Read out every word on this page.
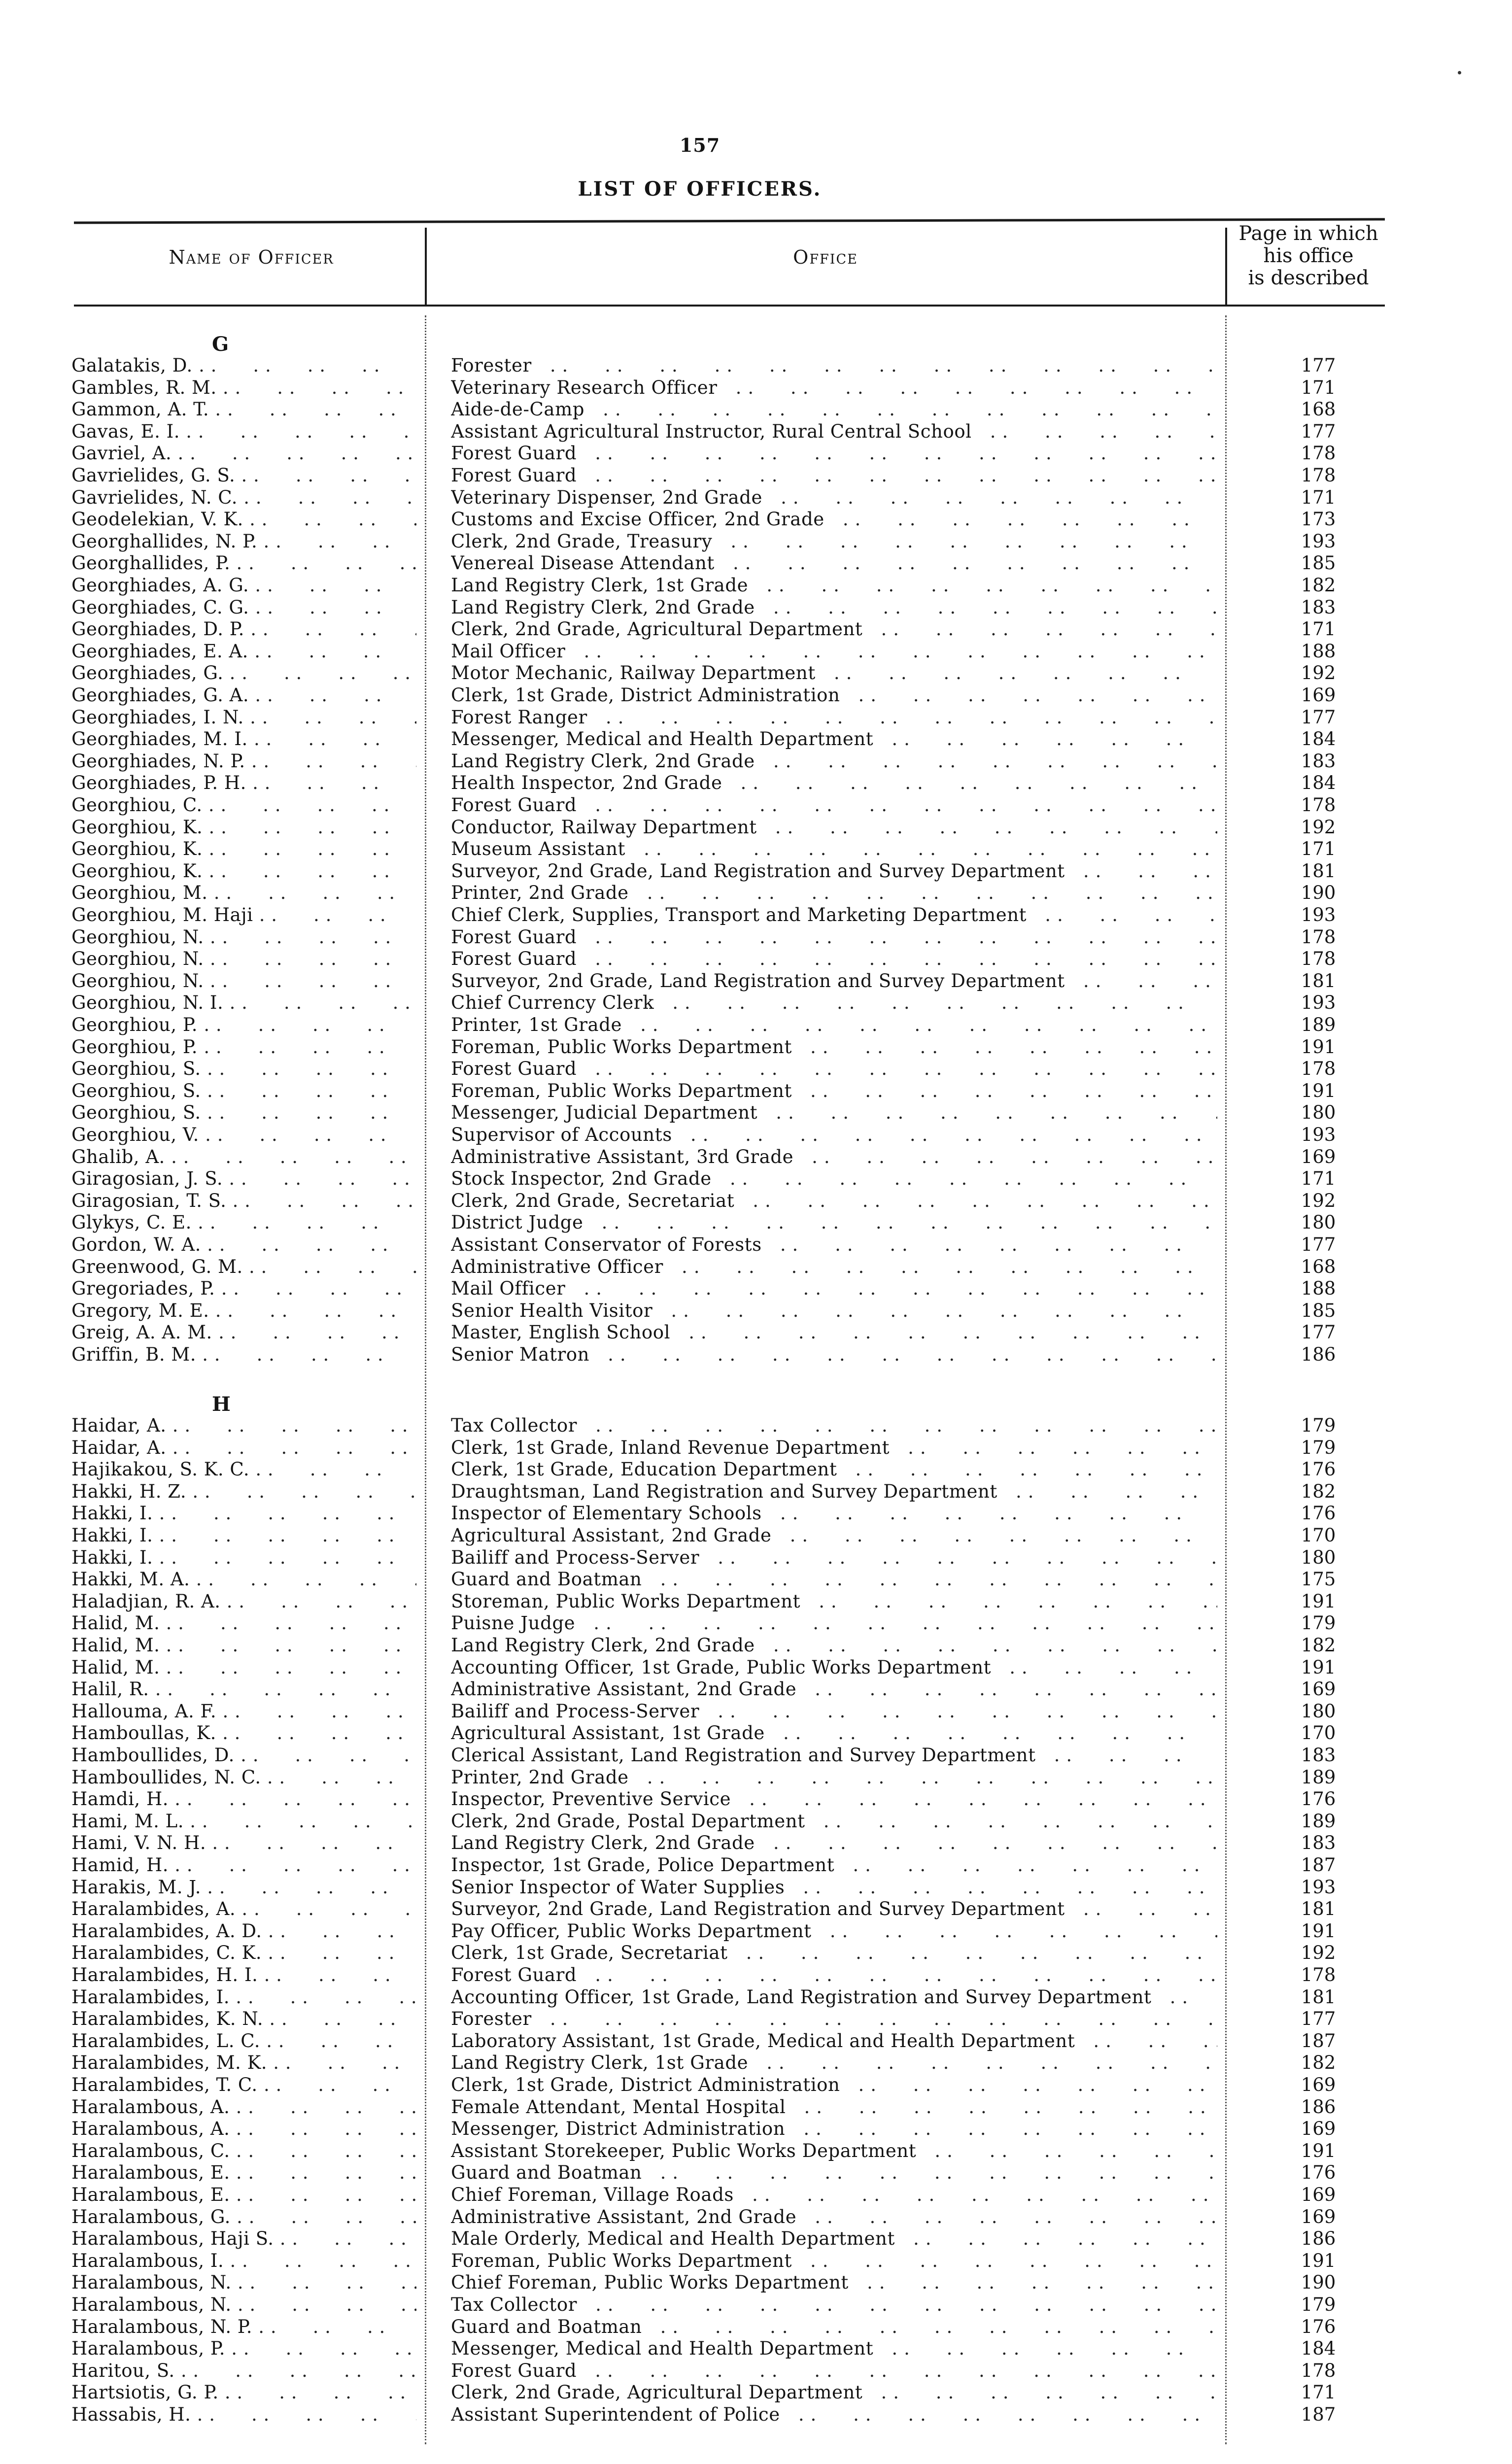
157
LIST OF OFFICERS.
Name of Officer	Office
Page in which
his office
is described
G
H
Galatakis, D. . .	Forester . .	177
Gambles, R. M. . .	Veterinary Research Officer . .	171
Gammon, A. T. . .	Aide-de-Camp . .	168
Gavas, E. I. . .	Assistant Agricultural Instructor, Rural Central School . .	177
Gavriel, A. . .	Forest Guard . .	178
Gavrielides, G. S. . .	Forest Guard . .	178
Gavrielides, N. C. . .	Veterinary Dispenser, 2nd Grade . .	171
Geodelekian, V. K. . .	Customs and Excise Officer, 2nd Grade . .	173
Georghallides, N. P. . .	Clerk, 2nd Grade, Treasury . .	193
Georghallides, P. . .	Venereal Disease Attendant . .	185
Georghiades, A. G. . .	Land Registry Clerk, 1st Grade . .	182
Georghiades, C. G. . .	Land Registry Clerk, 2nd Grade . .	183
Georghiades, D. P. . .	Clerk, 2nd Grade, Agricultural Department . .	171
Georghiades, E. A. . .	Mail Officer . .	188
Georghiades, G. . .	Motor Mechanic, Railway Department . .	192
Georghiades, G. A. . .	Clerk, 1st Grade, District Administration . .	169
Georghiades, I. N. . .	Forest Ranger . .	177
Georghiades, M. I. . .	Messenger, Medical and Health Department . .	184
Georghiades, N. P. . .	Land Registry Clerk, 2nd Grade . .	183
Georghiades, P. H. . .	Health Inspector, 2nd Grade . .	184
Georghiou, C. . .	Forest Guard . .	178
Georghiou, K. . .	Conductor, Railway Department . .	192
Georghiou, K. . .	Museum Assistant . .	171
Georghiou, K. . .	Surveyor, 2nd Grade, Land Registration and Survey Department . .	181
Georghiou, M. . .	Printer, 2nd Grade . .	190
Georghiou, M. Haji . .	Chief Clerk, Supplies, Transport and Marketing Department . .	193
Georghiou, N. . .	Forest Guard . .	178
Georghiou, N. . .	Forest Guard . .	178
Georghiou, N. . .	Surveyor, 2nd Grade, Land Registration and Survey Department . .	181
Georghiou, N. I. . .	Chief Currency Clerk . .	193
Georghiou, P. . .	Printer, 1st Grade . .	189
Georghiou, P. . .	Foreman, Public Works Department . .	191
Georghiou, S. . .	Forest Guard . .	178
Georghiou, S. . .	Foreman, Public Works Department . .	191
Georghiou, S. . .	Messenger, Judicial Department . .	180
Georghiou, V. . .	Supervisor of Accounts . .	193
Ghalib, A. . .	Administrative Assistant, 3rd Grade . .	169
Giragosian, J. S. . .	Stock Inspector, 2nd Grade . .	171
Giragosian, T. S. . .	Clerk, 2nd Grade, Secretariat . .	192
Glykys, C. E. . .	District Judge . .	180
Gordon, W. A. . .	Assistant Conservator of Forests . .	177
Greenwood, G. M. . .	Administrative Officer . .	168
Gregoriades, P. . .	Mail Officer . .	188
Gregory, M. E. . .	Senior Health Visitor . .	185
Greig, A. A. M. . .	Master, English School . .	177
Griffin, B. M. . .	Senior Matron . .	186
Haidar, A. . .	Tax Collector . .	179
Haidar, A. . .	Clerk, 1st Grade, Inland Revenue Department . .	179
Hajikakou, S. K. C. . .	Clerk, 1st Grade, Education Department . .	176
Hakki, H. Z. . .	Draughtsman, Land Registration and Survey Department . .	182
Hakki, I. . .	Inspector of Elementary Schools . .	176
Hakki, I. . .	Agricultural Assistant, 2nd Grade . .	170
Hakki, I. . .	Bailiff and Process-Server . .	180
Hakki, M. A. . .	Guard and Boatman . .	175
Haladjian, R. A. . .	Storeman, Public Works Department . .	191
Halid, M. . .	Puisne Judge . .	179
Halid, M. . .	Land Registry Clerk, 2nd Grade . .	182
Halid, M. . .	Accounting Officer, 1st Grade, Public Works Department . .	191
Halil, R. . .	Administrative Assistant, 2nd Grade . .	169
Hallouma, A. F. . .	Bailiff and Process-Server . .	180
Hamboullas, K. . .	Agricultural Assistant, 1st Grade . .	170
Hamboullides, D. . .	Clerical Assistant, Land Registration and Survey Department . .	183
Hamboullides, N. C. . .	Printer, 2nd Grade . .	189
Hamdi, H. . .	Inspector, Preventive Service . .	176
Hami, M. L. . .	Clerk, 2nd Grade, Postal Department . .	189
Hami, V. N. H. . .	Land Registry Clerk, 2nd Grade . .	183
Hamid, H. . .	Inspector, 1st Grade, Police Department . .	187
Harakis, M. J. . .	Senior Inspector of Water Supplies . .	193
Haralambides, A. . .	Surveyor, 2nd Grade, Land Registration and Survey Department . .	181
Haralambides, A. D. . .	Pay Officer, Public Works Department . .	191
Haralambides, C. K. . .	Clerk, 1st Grade, Secretariat . .	192
Haralambides, H. I. . .	Forest Guard . .	178
Haralambides, I. . .	Accounting Officer, 1st Grade, Land Registration and Survey Department . .	181
Haralambides, K. N. . .	Forester . .	177
Haralambides, L. C. . .	Laboratory Assistant, 1st Grade, Medical and Health Department . .	187
Haralambides, M. K. . .	Land Registry Clerk, 1st Grade . .	182
Haralambides, T. C. . .	Clerk, 1st Grade, District Administration . .	169
Haralambous, A. . .	Female Attendant, Mental Hospital . .	186
Haralambous, A. . .	Messenger, District Administration . .	169
Haralambous, C. . .	Assistant Storekeeper, Public Works Department . .	191
Haralambous, E. . .	Guard and Boatman . .	176
Haralambous, E. . .	Chief Foreman, Village Roads . .	169
Haralambous, G. . .	Administrative Assistant, 2nd Grade . .	169
Haralambous, Haji S. . .	Male Orderly, Medical and Health Department . .	186
Haralambous, I. . .	Foreman, Public Works Department . .	191
Haralambous, N. . .	Chief Foreman, Public Works Department . .	190
Haralambous, N. . .	Tax Collector . .	179
Haralambous, N. P. . .	Guard and Boatman . .	176
Haralambous, P. . .	Messenger, Medical and Health Department . .	184
Haritou, S. . .	Forest Guard . .	178
Hartsiotis, G. P. . .	Clerk, 2nd Grade, Agricultural Department . .	171
Hassabis, H. . .	Assistant Superintendent of Police . .	187
